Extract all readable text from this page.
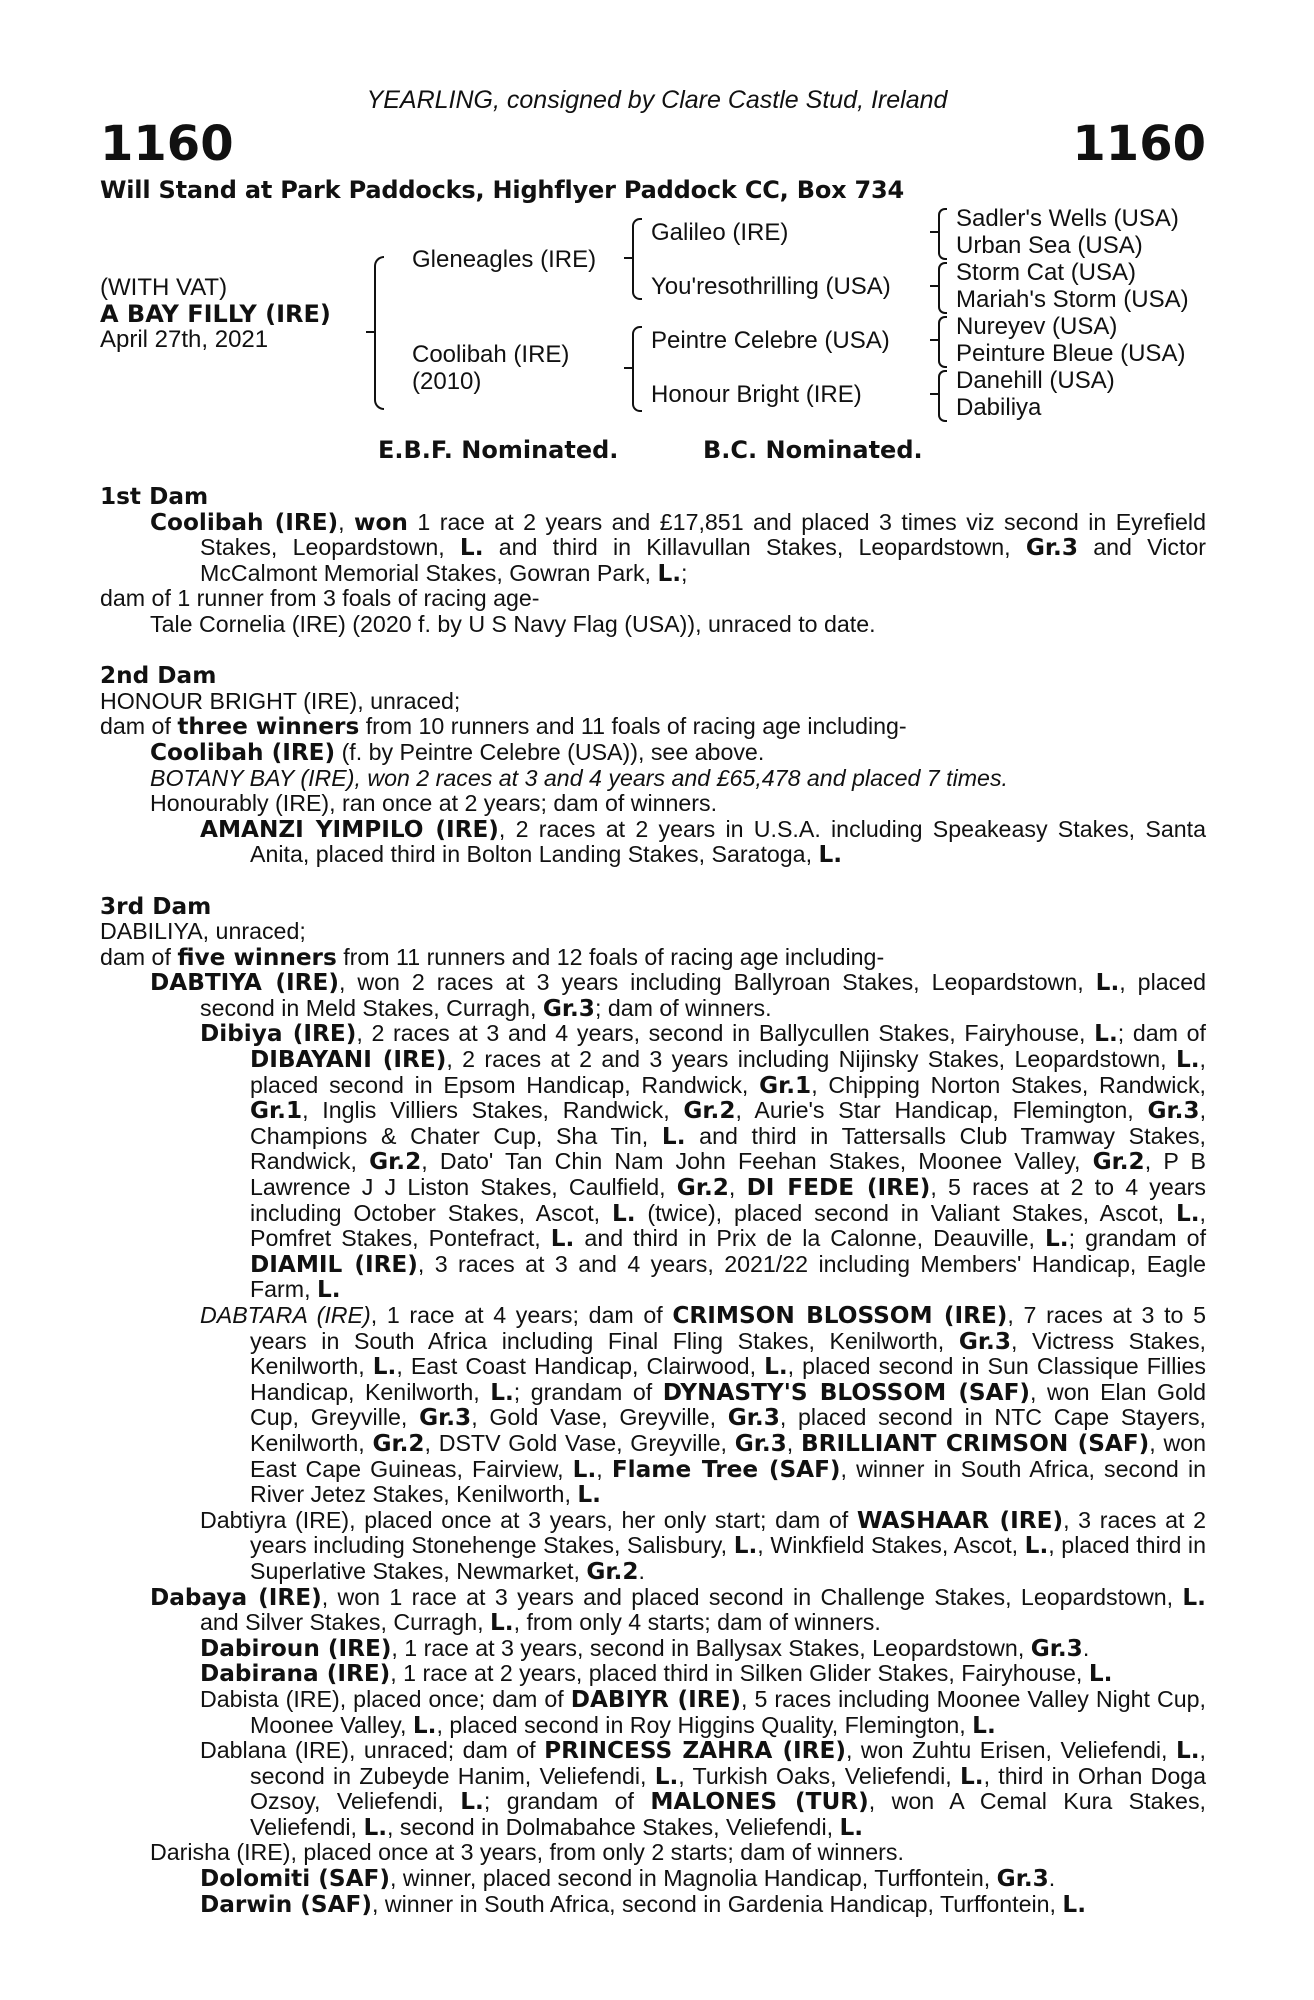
YEARLING, consigned by Clare Castle Stud, Ireland
1160	1160
Will Stand at Park Paddocks, Highflyer Paddock CC, Box 734
(WITH VAT)
A BAY FILLY (IRE)
April 27th, 2021
Gleneagles (IRE)
Coolibah (IRE)
(2010)
Galileo (IRE)
You'resothrilling (USA)
Peintre Celebre (USA)
Honour Bright (IRE)
Sadler's Wells (USA)
Urban Sea (USA)
Storm Cat (USA)
Mariah's Storm (USA)
Nureyev (USA)
Peinture Bleue (USA)
Danehill (USA)
Dabiliya
E.B.F. Nominated.	B.C. Nominated.

1st Dam

Coolibah (IRE), won 1 race at 2 years and £17,851 and placed 3 times viz second in Eyrefield Stakes, Leopardstown, L. and third in Killavullan Stakes, Leopardstown, Gr.3 and Victor McCalmont Memorial Stakes, Gowran Park, L.;

dam of 1 runner from 3 foals of racing age-

Tale Cornelia (IRE) (2020 f. by U S Navy Flag (USA)), unraced to date.

2nd Dam

HONOUR BRIGHT (IRE), unraced;

dam of three winners from 10 runners and 11 foals of racing age including-

Coolibah (IRE) (f. by Peintre Celebre (USA)), see above.

BOTANY BAY (IRE), won 2 races at 3 and 4 years and £65,478 and placed 7 times.

Honourably (IRE), ran once at 2 years; dam of winners.

AMANZI YIMPILO (IRE), 2 races at 2 years in U.S.A. including Speakeasy Stakes, Santa Anita, placed third in Bolton Landing Stakes, Saratoga, L.

3rd Dam

DABILIYA, unraced;

dam of five winners from 11 runners and 12 foals of racing age including-

DABTIYA (IRE), won 2 races at 3 years including Ballyroan Stakes, Leopardstown, L., placed second in Meld Stakes, Curragh, Gr.3; dam of winners.

Dibiya (IRE), 2 races at 3 and 4 years, second in Ballycullen Stakes, Fairyhouse, L.; dam of DIBAYANI (IRE), 2 races at 2 and 3 years including Nijinsky Stakes, Leopardstown, L., placed second in Epsom Handicap, Randwick, Gr.1, Chipping Norton Stakes, Randwick, Gr.1, Inglis Villiers Stakes, Randwick, Gr.2, Aurie's Star Handicap, Flemington, Gr.3, Champions & Chater Cup, Sha Tin, L. and third in Tattersalls Club Tramway Stakes, Randwick, Gr.2, Dato' Tan Chin Nam John Feehan Stakes, Moonee Valley, Gr.2, P B Lawrence J J Liston Stakes, Caulfield, Gr.2, DI FEDE (IRE), 5 races at 2 to 4 years including October Stakes, Ascot, L. (twice), placed second in Valiant Stakes, Ascot, L., Pomfret Stakes, Pontefract, L. and third in Prix de la Calonne, Deauville, L.; grandam of DIAMIL (IRE), 3 races at 3 and 4 years, 2021/22 including Members' Handicap, Eagle Farm, L.

DABTARA (IRE), 1 race at 4 years; dam of CRIMSON BLOSSOM (IRE), 7 races at 3 to 5 years in South Africa including Final Fling Stakes, Kenilworth, Gr.3, Victress Stakes, Kenilworth, L., East Coast Handicap, Clairwood, L., placed second in Sun Classique Fillies Handicap, Kenilworth, L.; grandam of DYNASTY'S BLOSSOM (SAF), won Elan Gold Cup, Greyville, Gr.3, Gold Vase, Greyville, Gr.3, placed second in NTC Cape Stayers, Kenilworth, Gr.2, DSTV Gold Vase, Greyville, Gr.3, BRILLIANT CRIMSON (SAF), won East Cape Guineas, Fairview, L., Flame Tree (SAF), winner in South Africa, second in River Jetez Stakes, Kenilworth, L.

Dabtiyra (IRE), placed once at 3 years, her only start; dam of WASHAAR (IRE), 3 races at 2 years including Stonehenge Stakes, Salisbury, L., Winkfield Stakes, Ascot, L., placed third in Superlative Stakes, Newmarket, Gr.2.

Dabaya (IRE), won 1 race at 3 years and placed second in Challenge Stakes, Leopardstown, L. and Silver Stakes, Curragh, L., from only 4 starts; dam of winners.

Dabiroun (IRE), 1 race at 3 years, second in Ballysax Stakes, Leopardstown, Gr.3.

Dabirana (IRE), 1 race at 2 years, placed third in Silken Glider Stakes, Fairyhouse, L.

Dabista (IRE), placed once; dam of DABIYR (IRE), 5 races including Moonee Valley Night Cup, Moonee Valley, L., placed second in Roy Higgins Quality, Flemington, L.

Dablana (IRE), unraced; dam of PRINCESS ZAHRA (IRE), won Zuhtu Erisen, Veliefendi, L., second in Zubeyde Hanim, Veliefendi, L., Turkish Oaks, Veliefendi, L., third in Orhan Doga Ozsoy, Veliefendi, L.; grandam of MALONES (TUR), won A Cemal Kura Stakes, Veliefendi, L., second in Dolmabahce Stakes, Veliefendi, L.

Darisha (IRE), placed once at 3 years, from only 2 starts; dam of winners.

Dolomiti (SAF), winner, placed second in Magnolia Handicap, Turffontein, Gr.3.

Darwin (SAF), winner in South Africa, second in Gardenia Handicap, Turffontein, L.
